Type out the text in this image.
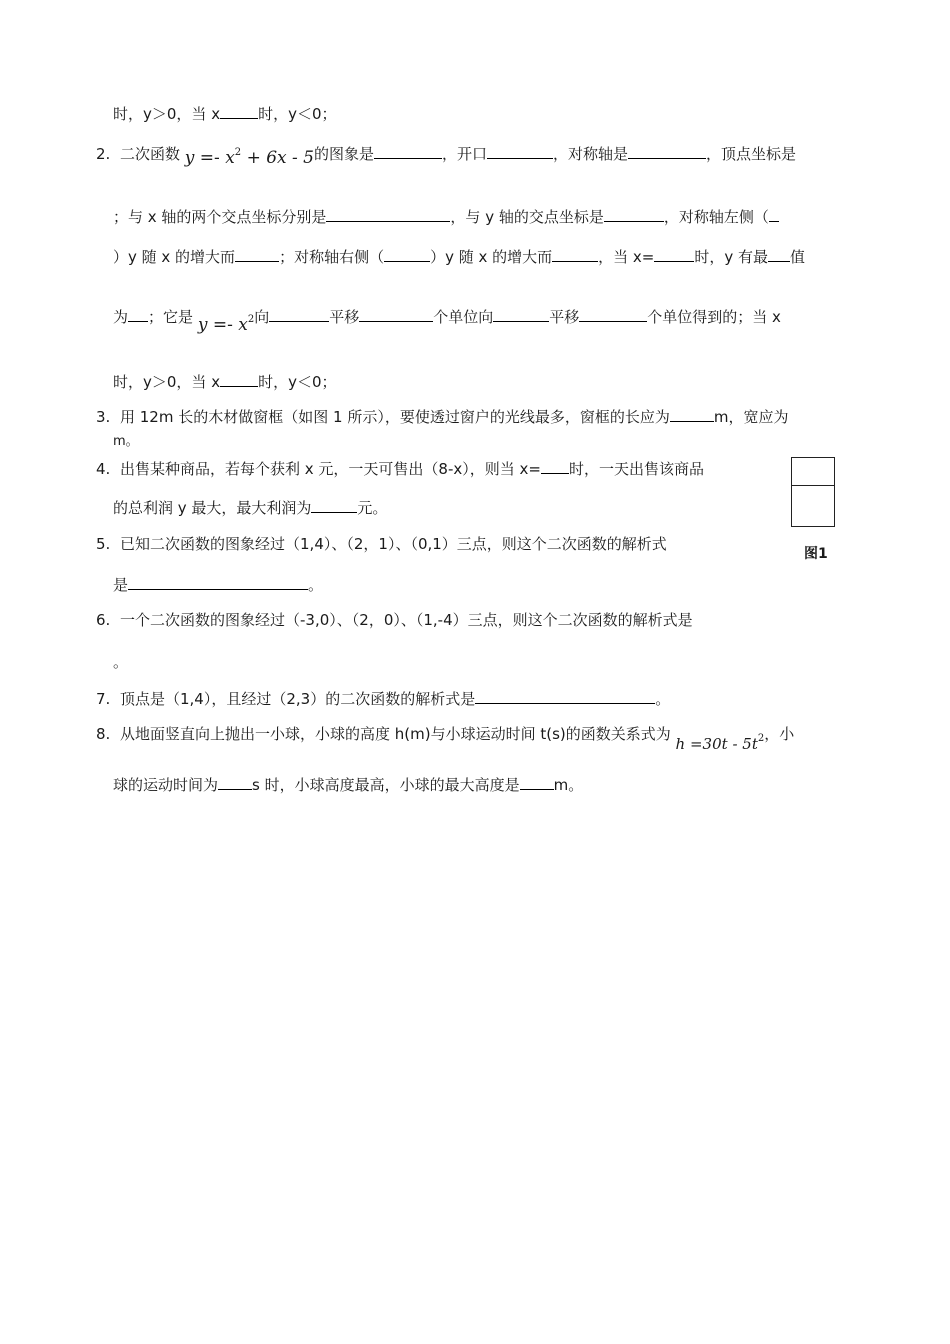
时，y＞0，当 x	时，y＜0；
2. 二次函数 $y =- x^2 + 6x - 5$的图象是	，开口	，对称轴是	，顶点坐标是
；与 x 轴的两个交点坐标分别是	，与 y 轴的交点坐标是	，对称轴左侧（
）y 随 x 的增大而	；对称轴右侧（	）y 随 x 的增大而	，当 x=	时，y 有最 值
为 ；它是 $y =- x^2$向	平移	个单位向	平移	个单位得到的；当 x
时，y＞0，当 x	时，y＜0；
3. 用 12m 长的木材做窗框（如图 1 所示），要使透过窗户的光线最多，窗框的长应为	m，宽应为
m。
4. 出售某种商品，若每个获利 x 元，一天可售出（8-x），则当 x= 时，一天出售该商品
的总利润 y 最大，最大利润为	元。
图1
5. 已知二次函数的图象经过（1,4）、（2，1）、（0,1）三点，则这个二次函数的解析式
是	。
6. 一个二次函数的图象经过（-3,0）、（2，0）、（1,-4）三点，则这个二次函数的解析式是
。
7. 顶点是（1,4），且经过（2,3）的二次函数的解析式是	。
8. 从地面竖直向上抛出一小球，小球的高度 h(m)与小球运动时间 t(s)的函数关系式为 $h =30t - 5t^2$，小
球的运动时间为 s 时，小球高度最高，小球的最大高度是 m。
